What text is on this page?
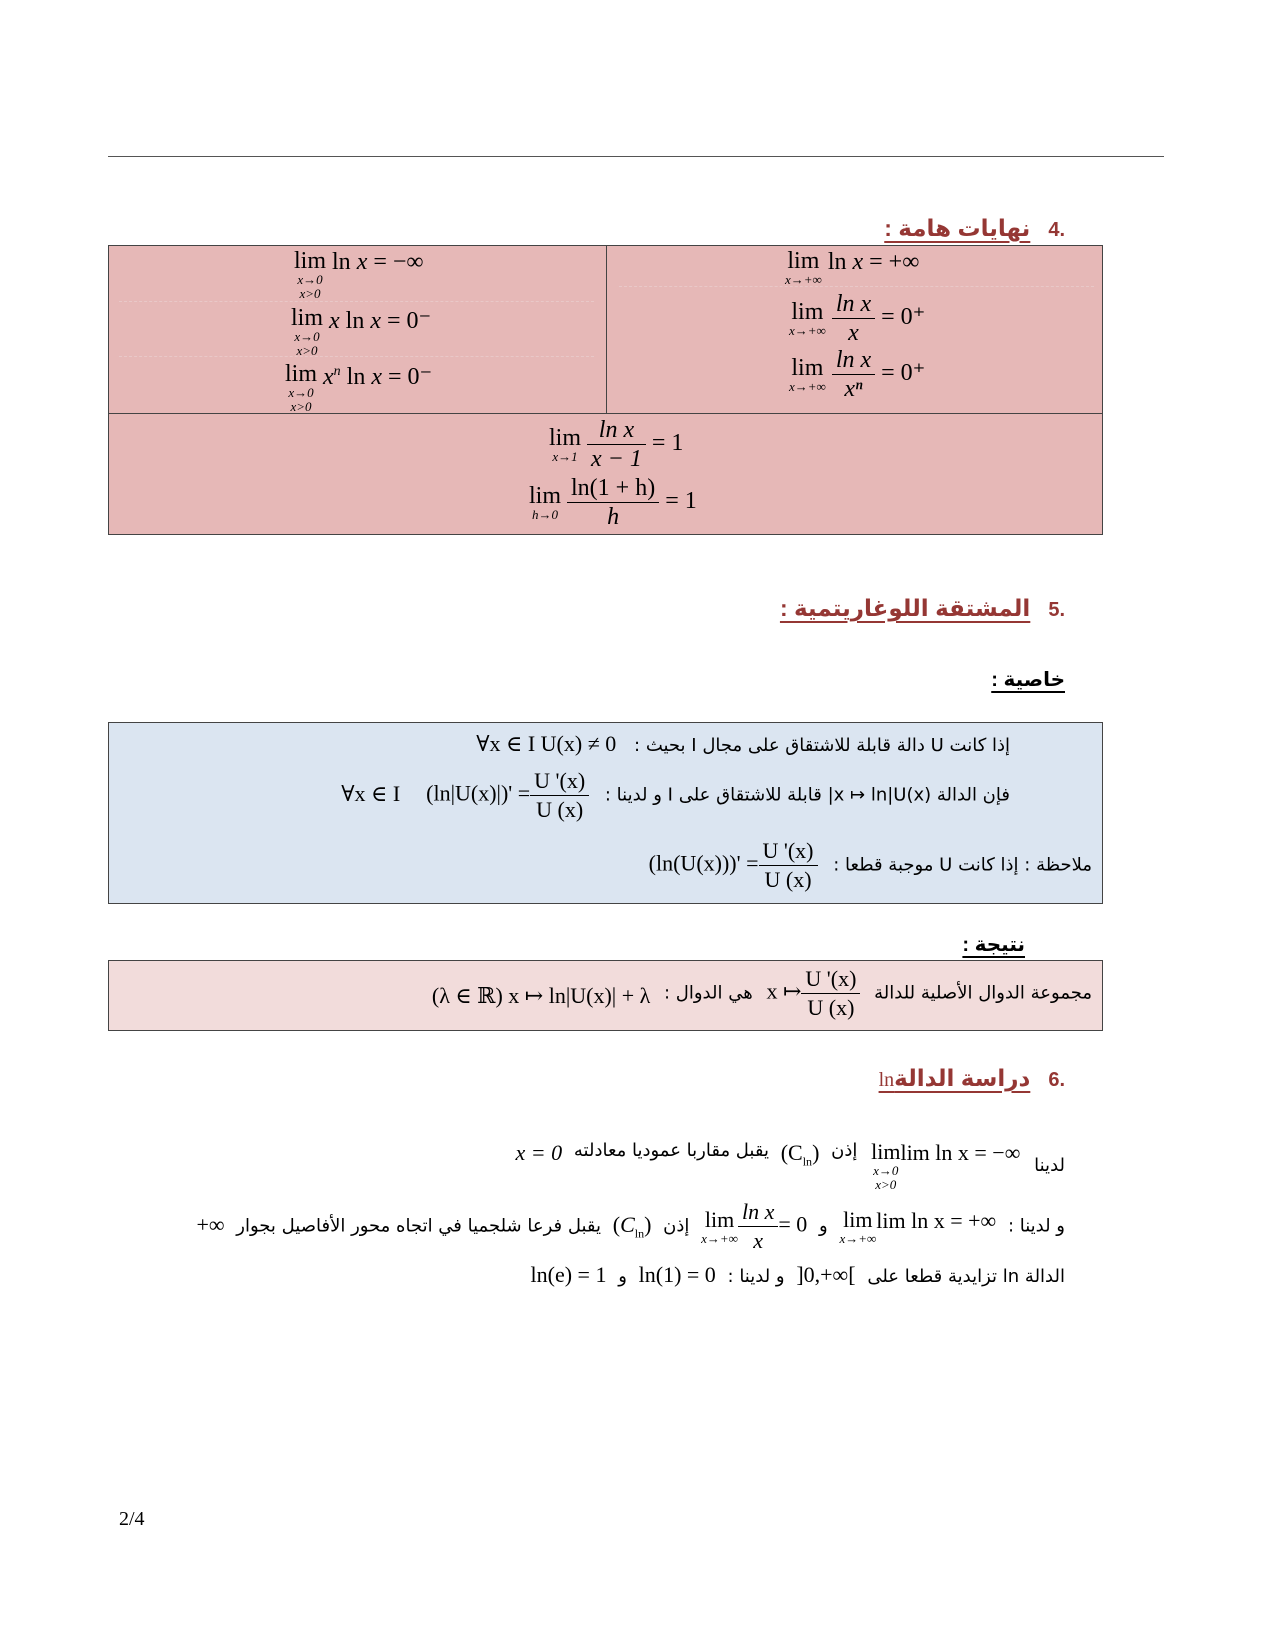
.4نهايات هامة :
lim
x→0
x>0
ln x = −∞
lim
x→0
x>0
x ln x = 0⁻
lim
x→0
x>0
$x^n$ ln x = 0⁻
lim
x→+∞
ln x = +∞
lim
x→+∞
$\frac{\text{ln x}}{x} = 0^+$
lim
x→+∞
$\frac{\text{ln x}}{\text{xⁿ}} = 0^+$
lim
x→1
$\frac{\text{ln x}}{x - 1} = 1$
lim
h→0
$\frac{\ln(1 + h)}{h} = 1$
.5المشتقة اللوغاريتمية :
خاصية :
إذا كانت U دالة قابلة للاشتقاق على مجال I بحيث : ∀x ∈ I U(x) ≠ 0
فإن الدالة x ↦ ln|U(x)| قابلة للاشتقاق على I و لدينا : ∀x ∈ I $(\ln|U(x)|)' = \frac{U '(x)}{U (x)}$
ملاحظة : إذا كانت U موجبة قطعا : $(\ln(U(x)))' = \frac{U '(x)}{U (x)}$
نتيجة :
مجموعة الدوال الأصلية للدالة x ↦ $\frac{U '(x)}{U (x)}$
هي الدوال : (λ ∈ ℝ) x ↦ ln|U(x)| + λ
.6دراسة الدالةln
لدينا lim
x→0
x>0
lim ln x = −∞ إذن $(C_{ln})$ يقبل مقاربا عموديا معادلته x = 0
و لدينا : lim
x→+∞
lim ln x = +∞ و lim
$x\to+\infty \frac{\text{ln x}}{x} = 0$ إذن $(C_{ln})$ يقبل فرعا شلجميا في اتجاه محور الأفاصيل بجوار +∞
الدالة ln تزايدية قطعا على ]0,+∞[ و لدينا : ln(1) = 0 و ln(e) = 1
2/4
